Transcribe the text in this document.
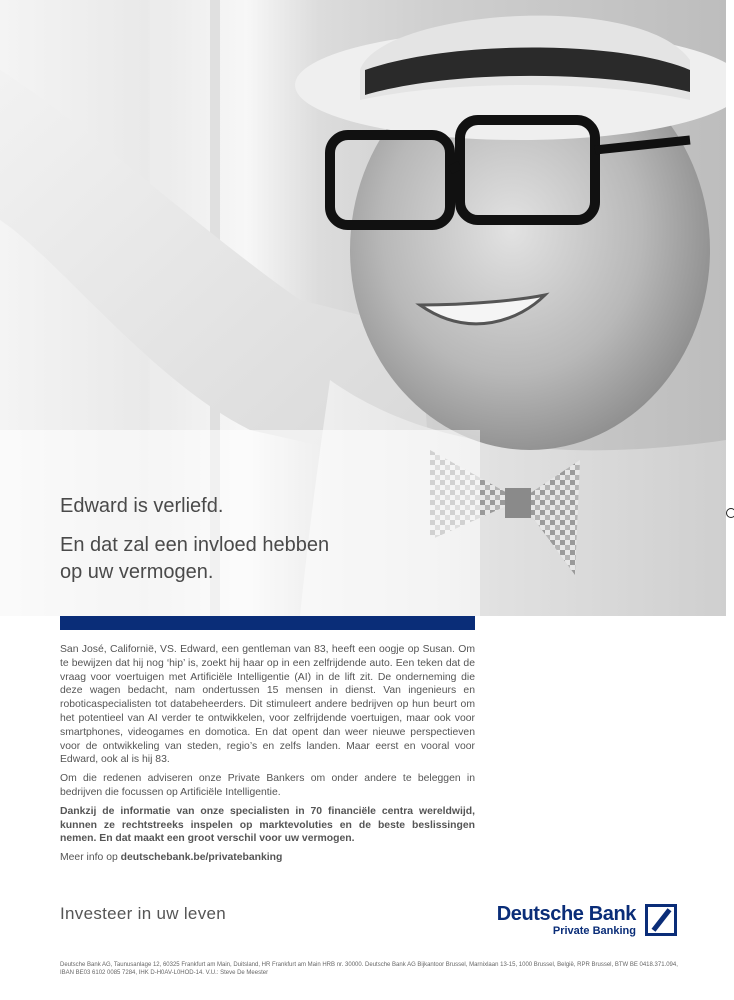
Edward is verliefd.
En dat zal een invloed hebben
op uw vermogen.

San José, Californië, VS. Edward, een gentleman van 83, heeft een oogje op Susan. Om te bewijzen dat hij nog ‘hip’ is, zoekt hij haar op in een zelfrijdende auto. Een teken dat de vraag voor voertuigen met Artificiële Intelligentie (AI) in de lift zit. De onderneming die deze wagen bedacht, nam ondertussen 15 mensen in dienst. Van ingenieurs en roboticaspecialisten tot databeheerders. Dit stimuleert andere bedrijven op hun beurt om het potentieel van AI verder te ontwikkelen, voor zelfrijdende voertuigen, maar ook voor smartphones, videogames en domotica. En dat opent dan weer nieuwe perspectieven voor de ontwikkeling van steden, regio’s en zelfs landen. Maar eerst en vooral voor Edward, ook al is hij 83.

Om die redenen adviseren onze Private Bankers om onder andere te beleggen in bedrijven die focussen op Artificiële Intelligentie.

Dankzij de informatie van onze specialisten in 70 financiële centra wereldwijd, kunnen ze rechtstreeks inspelen op marktevoluties en de beste beslissingen nemen. En dat maakt een groot verschil voor uw vermogen.

Meer info op deutschebank.be/privatebanking

Investeer in uw leven	Deutsche Bank
Private Banking
Deutsche Bank AG, Taunusanlage 12, 60325 Frankfurt am Main, Duitsland, HR Frankfurt am Main HRB nr. 30000. Deutsche Bank AG Bijkantoor Brussel, Marnixlaan 13-15, 1000 Brussel, België, RPR Brussel, BTW BE 0418.371.094, IBAN BE03 6102 0085 7284, IHK D-H0AV-L0HOD-14. V.U.: Steve De Meester
